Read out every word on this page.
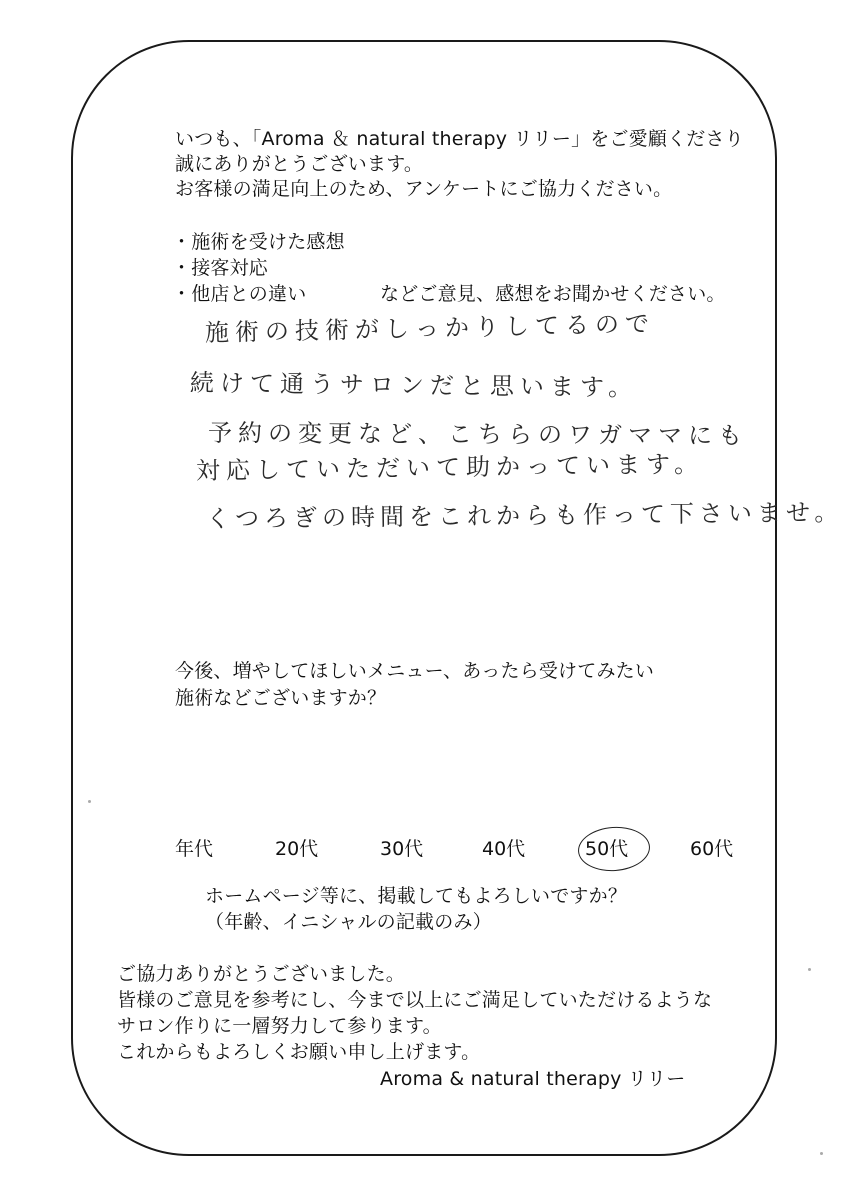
いつも、「Aroma ＆ natural therapy リリー」をご愛顧くださり
誠にありがとうございます。
お客様の満足向上のため、アンケートにご協力ください。
・施術を受けた感想
・接客対応
・他店との違い	などご意見、感想をお聞かせください。
施術の技術がしっかりしてるので
続けて通うサロンだと思います。
予約の変更など、こちらのワガママにも
対応していただいて助かっています。
くつろぎの時間をこれからも作って下さいませ。
今後、増やしてほしいメニュー、あったら受けてみたい
施術などございますか？
年代	20代	30代	40代	50代	60代
ホームページ等に、掲載してもよろしいですか？
（年齢、イニシャルの記載のみ）
ご協力ありがとうございました。
皆様のご意見を参考にし、今まで以上にご満足していただけるような
サロン作りに一層努力して参ります。
これからもよろしくお願い申し上げます。
Aroma & natural therapy リリー
